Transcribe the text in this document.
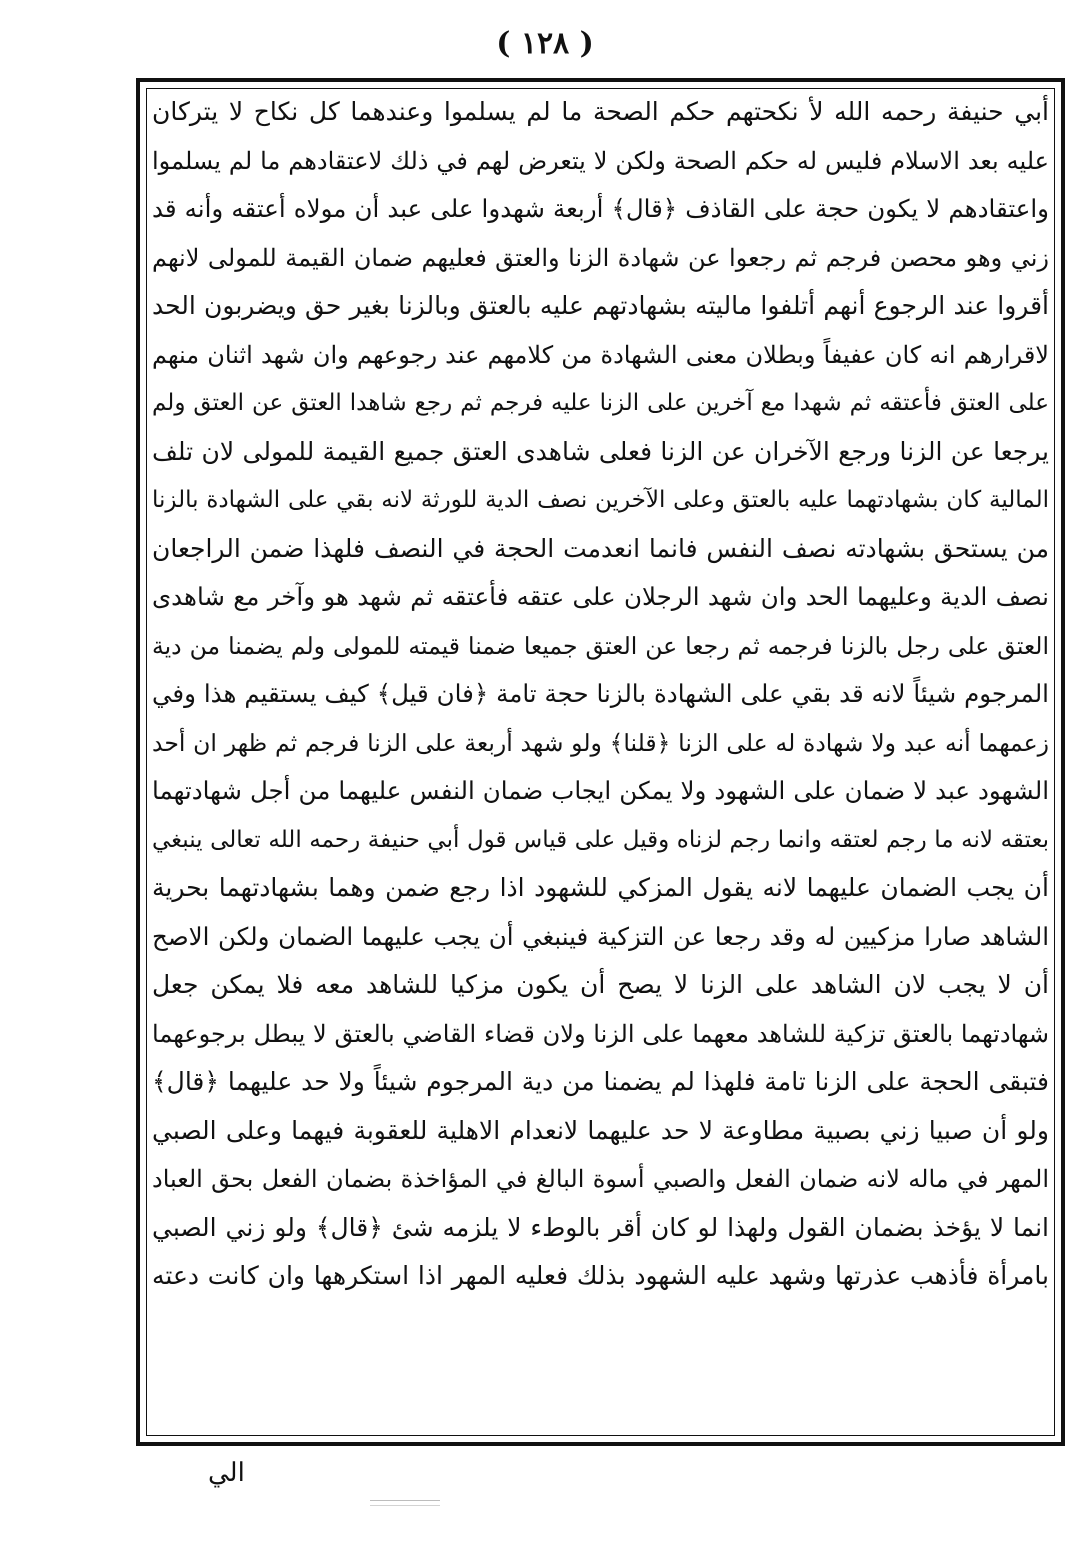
( ١٢٨ )
أبي حنيفة رحمه الله لأ نكحتهم حكم الصحة ما لم يسلموا وعندهما كل نكاح لا يتركان
عليه بعد الاسلام فليس له حكم الصحة ولكن لا يتعرض لهم في ذلك لاعتقادهم ما لم يسلموا
واعتقادهم لا يكون حجة على القاذف ﴿قال﴾ أربعة شهدوا على عبد أن مولاه أعتقه وأنه قد
زني وهو محصن فرجم ثم رجعوا عن شهادة الزنا والعتق فعليهم ضمان القيمة للمولى لانهم
أقروا عند الرجوع أنهم أتلفوا ماليته بشهادتهم عليه بالعتق وبالزنا بغير حق ويضربون الحد
لاقرارهم انه كان عفيفاً وبطلان معنى الشهادة من كلامهم عند رجوعهم وان شهد اثنان منهم
على العتق فأعتقه ثم شهدا مع آخرين على الزنا عليه فرجم ثم رجع شاهدا العتق عن العتق ولم
يرجعا عن الزنا ورجع الآخران عن الزنا فعلى شاهدى العتق جميع القيمة للمولى لان تلف
المالية كان بشهادتهما عليه بالعتق وعلى الآخرين نصف الدية للورثة لانه بقي على الشهادة بالزنا
من يستحق بشهادته نصف النفس فانما انعدمت الحجة في النصف فلهذا ضمن الراجعان
نصف الدية وعليهما الحد وان شهد الرجلان على عتقه فأعتقه ثم شهد هو وآخر مع شاهدى
العتق على رجل بالزنا فرجمه ثم رجعا عن العتق جميعا ضمنا قيمته للمولى ولم يضمنا من دية
المرجوم شيئاً لانه قد بقي على الشهادة بالزنا حجة تامة ﴿فان قيل﴾ كيف يستقيم هذا وفي
زعمهما أنه عبد ولا شهادة له على الزنا ﴿قلنا﴾ ولو شهد أربعة على الزنا فرجم ثم ظهر ان أحد
الشهود عبد لا ضمان على الشهود ولا يمكن ايجاب ضمان النفس عليهما من أجل شهادتهما
بعتقه لانه ما رجم لعتقه وانما رجم لزناه وقيل على قياس قول أبي حنيفة رحمه الله تعالى ينبغي
أن يجب الضمان عليهما لانه يقول المزكي للشهود اذا رجع ضمن وهما بشهادتهما بحرية
الشاهد صارا مزكيين له وقد رجعا عن التزكية فينبغي أن يجب عليهما الضمان ولكن الاصح
أن لا يجب لان الشاهد على الزنا لا يصح أن يكون مزكيا للشاهد معه فلا يمكن جعل
شهادتهما بالعتق تزكية للشاهد معهما على الزنا ولان قضاء القاضي بالعتق لا يبطل برجوعهما
فتبقى الحجة على الزنا تامة فلهذا لم يضمنا من دية المرجوم شيئاً ولا حد عليهما ﴿قال﴾
ولو أن صبيا زني بصبية مطاوعة لا حد عليهما لانعدام الاهلية للعقوبة فيهما وعلى الصبي
المهر في ماله لانه ضمان الفعل والصبي أسوة البالغ في المؤاخذة بضمان الفعل بحق العباد
انما لا يؤخذ بضمان القول ولهذا لو كان أقر بالوطء لا يلزمه شئ ﴿قال﴾ ولو زني الصبي
بامرأة فأذهب عذرتها وشهد عليه الشهود بذلك فعليه المهر اذا استكرهها وان كانت دعته
الي
